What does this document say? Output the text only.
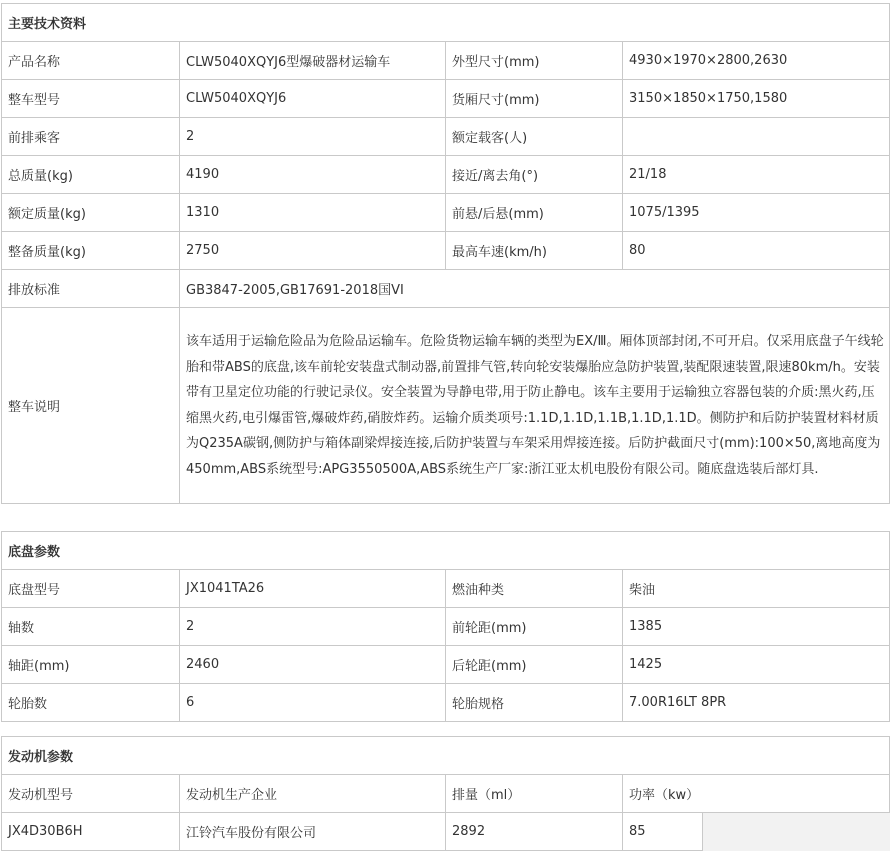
主要技术资料			
产品名称	CLW5040XQYJ6型爆破器材运输车	外型尺寸(mm)	4930×1970×2800,2630
整车型号	CLW5040XQYJ6	货厢尺寸(mm)	3150×1850×1750,1580
前排乘客	2	额定载客(人)	
总质量(kg)	4190	接近/离去角(°)	21/18
额定质量(kg)	1310	前悬/后悬(mm)	1075/1395
整备质量(kg)	2750	最高车速(km/h)	80
排放标准	GB3847-2005,GB17691-2018国VI		
整车说明	该车适用于运输危险品为危险品运输车。危险货物运输车辆的类型为EX/Ⅲ。厢体顶部封闭,不可开启。仅采用底盘子午线轮胎和带ABS的底盘,该车前轮安装盘式制动器,前置排气管,转向轮安装爆胎应急防护装置,装配限速装置,限速80km/h。安装带有卫星定位功能的行驶记录仪。安全装置为导静电带,用于防止静电。该车主要用于运输独立容器包装的介质:黑火药,压缩黑火药,电引爆雷管,爆破炸药,硝胺炸药。运输介质类项号:1.1D,1.1D,1.1B,1.1D,1.1D。侧防护和后防护装置材料材质为Q235A碳钢,侧防护与箱体副梁焊接连接,后防护装置与车架采用焊接连接。后防护截面尺寸(mm):100×50,离地高度为450mm,ABS系统型号:APG3550500A,ABS系统生产厂家:浙江亚太机电股份有限公司。随底盘选装后部灯具.		
底盘参数			
底盘型号	JX1041TA26	燃油种类	柴油
轴数	2	前轮距(mm)	1385
轴距(mm)	2460	后轮距(mm)	1425
轮胎数	6	轮胎规格	7.00R16LT 8PR
发动机参数				
发动机型号	发动机生产企业	排量（ml）	功率（kw）	
JX4D30B6H	江铃汽车股份有限公司	2892	85	
